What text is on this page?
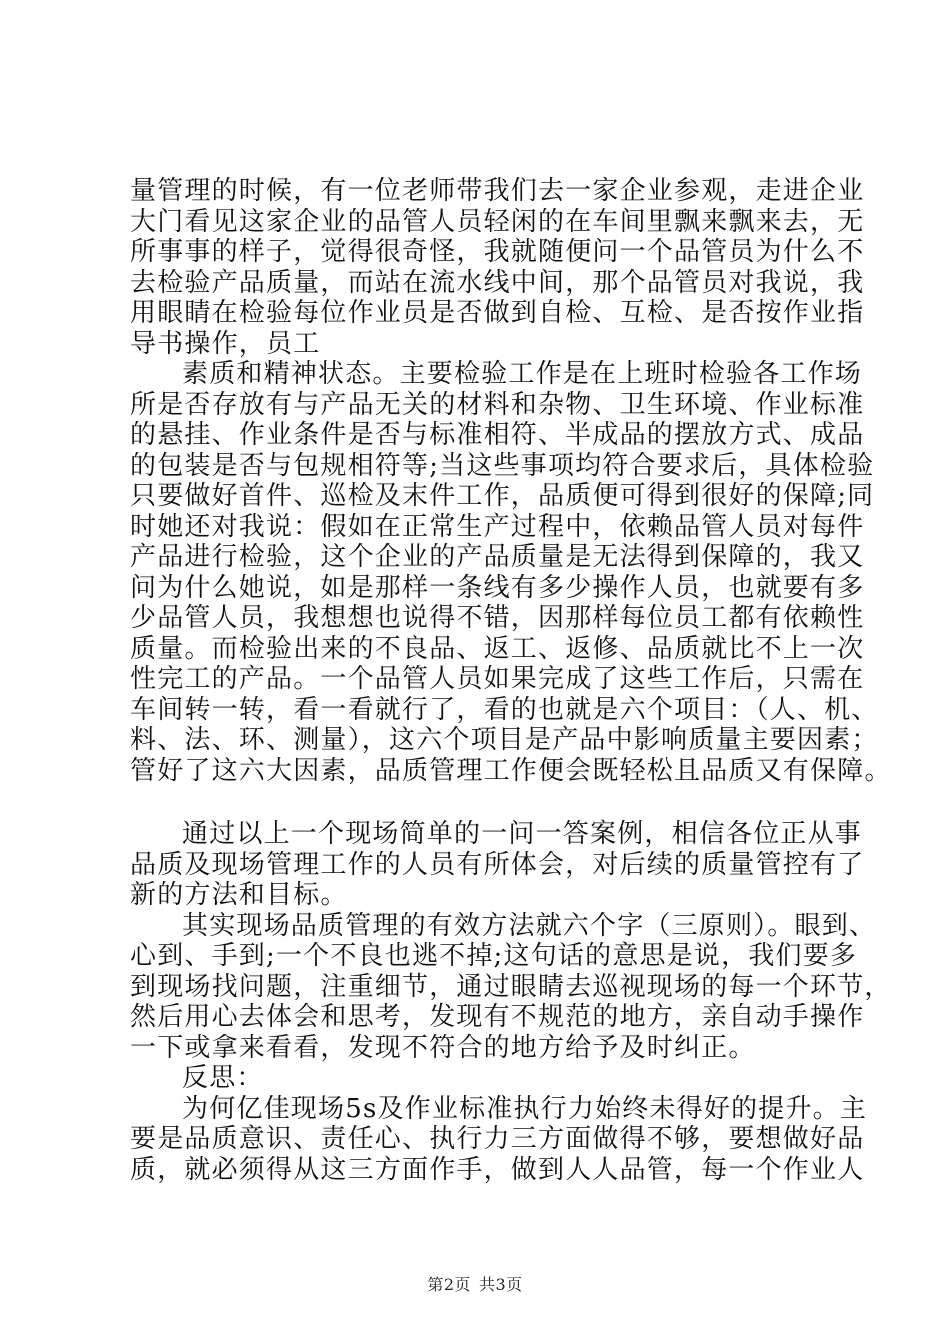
量管理的时候，有一位老师带我们去一家企业参观，走进企业
大门看见这家企业的品管人员轻闲的在车间里飘来飘来去，无
所事事的样子，觉得很奇怪，我就随便问一个品管员为什么不
去检验产品质量，而站在流水线中间，那个品管员对我说，我
用眼睛在检验每位作业员是否做到自检、互检、是否按作业指
导书操作，员工
素质和精神状态。主要检验工作是在上班时检验各工作场
所是否存放有与产品无关的材料和杂物、卫生环境、作业标准
的悬挂、作业条件是否与标准相符、半成品的摆放方式、成品
的包装是否与包规相符等;当这些事项均符合要求后，具体检验
只要做好首件、巡检及末件工作，品质便可得到很好的保障;同
时她还对我说：假如在正常生产过程中，依赖品管人员对每件
产品进行检验，这个企业的产品质量是无法得到保障的，我又
问为什么她说，如是那样一条线有多少操作人员，也就要有多
少品管人员，我想想也说得不错，因那样每位员工都有依赖性
质量。而检验出来的不良品、返工、返修、品质就比不上一次
性完工的产品。一个品管人员如果完成了这些工作后，只需在
车间转一转，看一看就行了，看的也就是六个项目：（人、机、
料、法、环、测量），这六个项目是产品中影响质量主要因素；
管好了这六大因素，品质管理工作便会既轻松且品质又有保障。
通过以上一个现场简单的一问一答案例，相信各位正从事
品质及现场管理工作的人员有所体会，对后续的质量管控有了
新的方法和目标。
其实现场品质管理的有效方法就六个字（三原则）。眼到、
心到、手到;一个不良也逃不掉;这句话的意思是说，我们要多
到现场找问题，注重细节，通过眼睛去巡视现场的每一个环节，
然后用心去体会和思考，发现有不规范的地方，亲自动手操作
一下或拿来看看，发现不符合的地方给予及时纠正。
反思：
为何亿佳现场5s及作业标准执行力始终未得好的提升。主
要是品质意识、责任心、执行力三方面做得不够，要想做好品
质，就必须得从这三方面作手，做到人人品管，每一个作业人
第2页 共3页
